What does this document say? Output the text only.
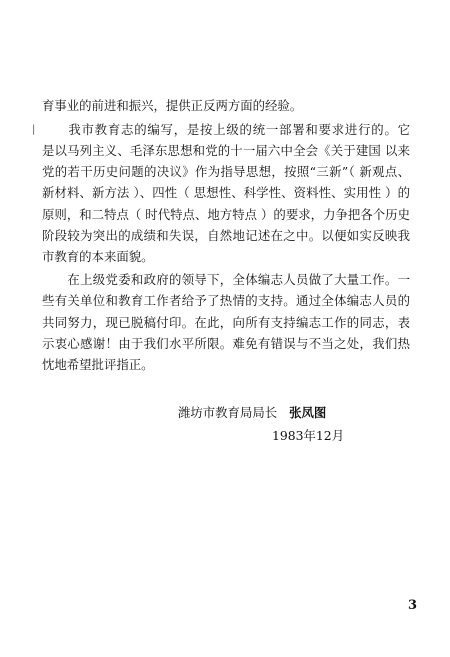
育事业的前进和振兴，提供正反两方面的经验。
| 　　我市教育志的编写，是按上级的统一部署和要求进行的。它
是以马列主义、毛泽东思想和党的十一届六中全会《关于建国 以来
党的若干历史问题的决议》作为指导思想，按照“三新”（ 新观点、
新材料、新方法 ）、四性（ 思想性、科学性、资料性、实用性 ）的
原则，和二特点（ 时代特点、地方特点 ）的要求，力争把各个历史
阶段较为突出的成绩和失误，自然地记述在之中。以便如实反映我
市教育的本来面貌。
　　在上级党委和政府的领导下，全体编志人员做了大量工作。一
些有关单位和教育工作者给予了热情的支持。通过全体编志人员的
共同努力，现已脱稿付印。在此，向所有支持编志工作的同志，表
示衷心感谢！由于我们水平所限。难免有错误与不当之处，我们热
忱地希望批评指正。
潍坊市教育局局长 张凤图
1983年12月
3
